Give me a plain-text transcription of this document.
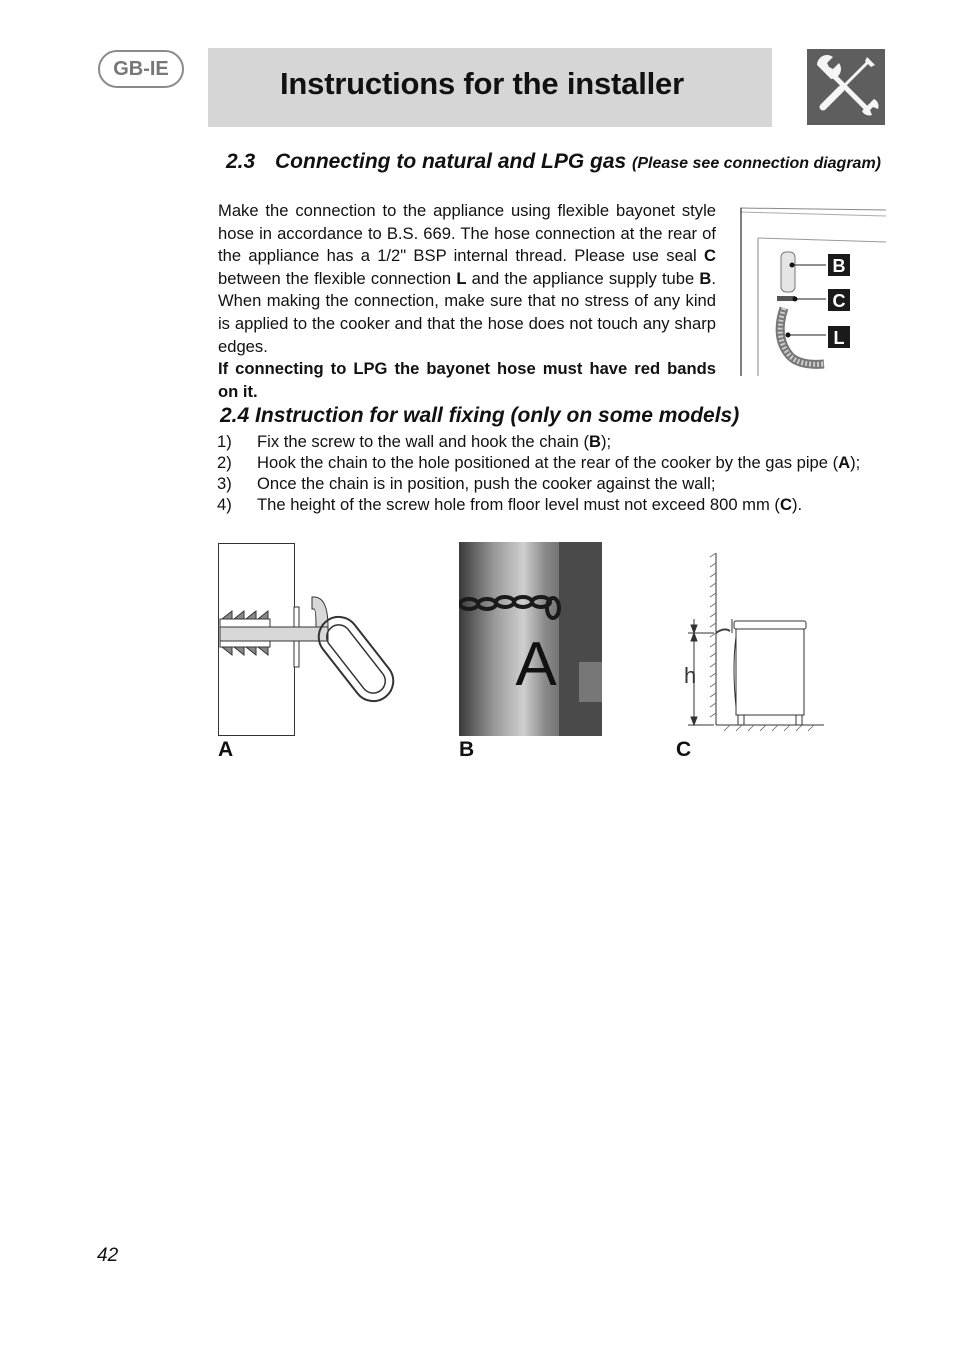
GB-IE	Instructions for the installer
2.3 Connecting to natural and LPG gas (Please see connection diagram)
Make the connection to the appliance using flexible bayonet style hose in accordance to B.S. 669. The hose connection at the rear of the appliance has a 1/2" BSP internal thread. Please use seal C between the flexible connection L and the appliance supply tube B. When making the connection, make sure that no stress of any kind is applied to the cooker and that the hose does not touch any sharp edges.
If connecting to LPG the bayonet hose must have red bands on it.
B
C
L
2.4 Instruction for wall fixing (only on some models)
1) Fix the screw to the wall and hook the chain (B);
2) Hook the chain to the hole positioned at the rear of the cooker by the gas pipe (A);
3) Once the chain is in position, push the cooker against the wall;
4) The height of the screw hole from floor level must not exceed 800 mm (C).
A	h
A	B	C
42
